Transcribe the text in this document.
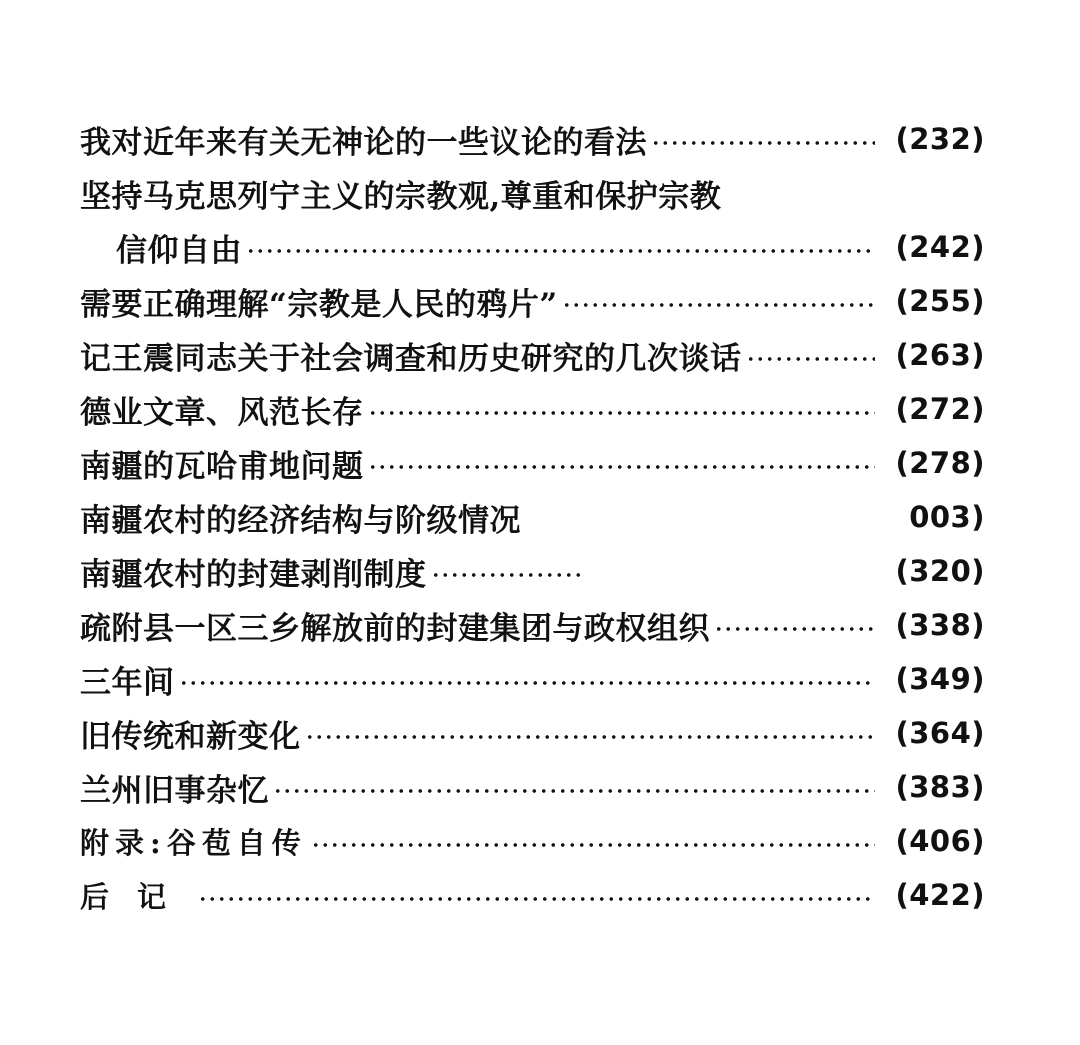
我对近年来有关无神论的一些议论的看法	(232)
坚持马克思列宁主义的宗教观,尊重和保护宗教
信仰自由	(242)
需要正确理解“宗教是人民的鸦片”	(255)
记王震同志关于社会调查和历史研究的几次谈话	(263)
德业文章、风范长存	(272)
南疆的瓦哈甫地问题	(278)
南疆农村的经济结构与阶级情况	003)
南疆农村的封建剥削制度	(320)
疏附县一区三乡解放前的封建集团与政权组织	(338)
三年间	(349)
旧传统和新变化	(364)
兰州旧事杂忆	(383)
附录:谷苞自传	(406)
后记	(422)
